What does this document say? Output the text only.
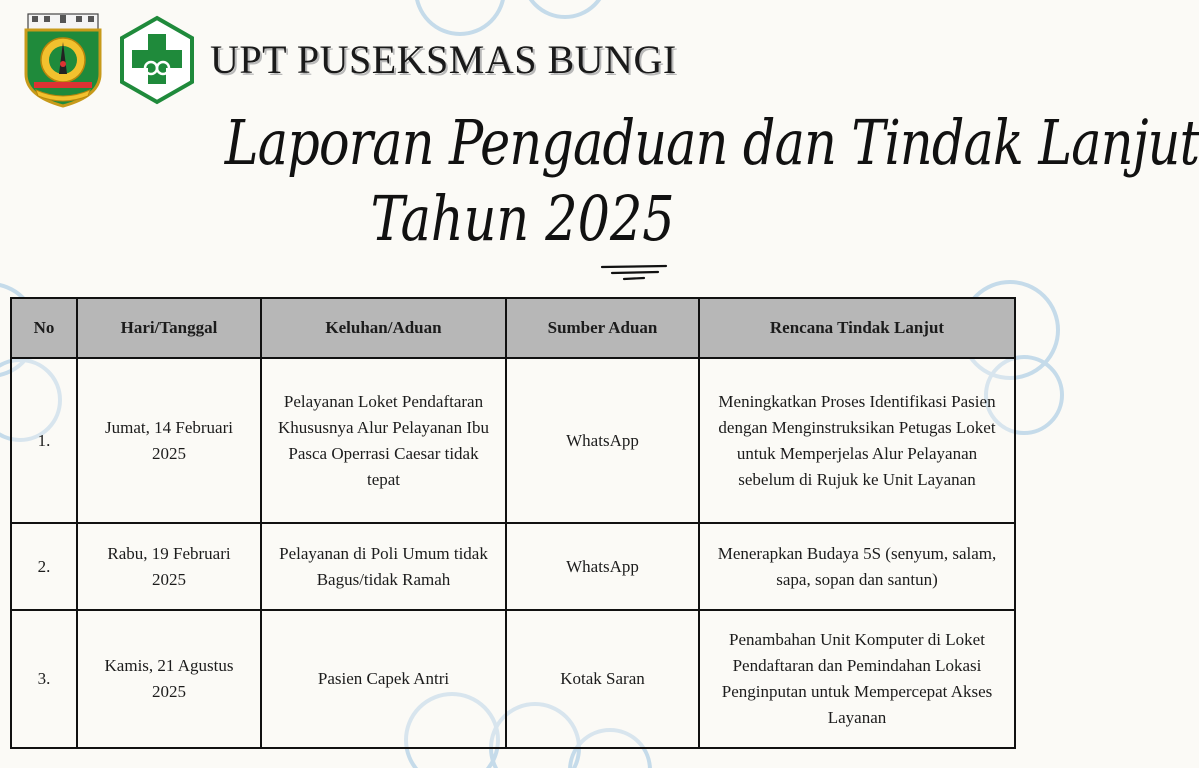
UPT PUSEKSMAS BUNGI
Laporan Pengaduan dan Tindak Lanjut
Tahun 2025
No	Hari/Tanggal	Keluhan/Aduan	Sumber Aduan	Rencana Tindak Lanjut
1.	Jumat, 14 Februari 2025	Pelayanan Loket Pendaftaran Khususnya Alur Pelayanan Ibu Pasca Operrasi Caesar tidak tepat	WhatsApp	Meningkatkan Proses Identifikasi Pasien dengan Menginstruksikan Petugas Loket untuk Memperjelas Alur Pelayanan sebelum di Rujuk ke Unit Layanan
2.	Rabu, 19 Februari 2025	Pelayanan di Poli Umum tidak Bagus/tidak Ramah	WhatsApp	Menerapkan Budaya 5S (senyum, salam, sapa, sopan dan santun)
3.	Kamis, 21 Agustus 2025	Pasien Capek Antri	Kotak Saran	Penambahan Unit Komputer di Loket Pendaftaran dan Pemindahan Lokasi Penginputan untuk Mempercepat Akses Layanan
